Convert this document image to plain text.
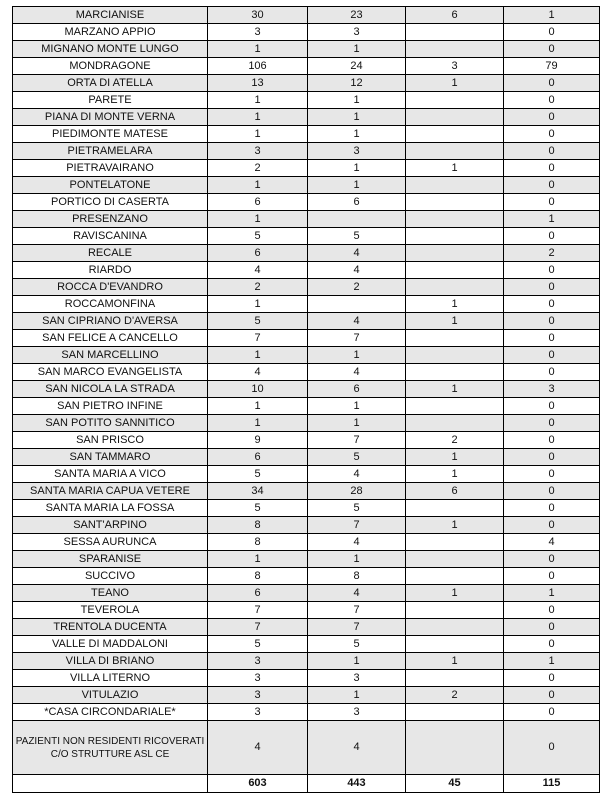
MARCIANISE	30	23	6	1
MARZANO APPIO	3	3		0
MIGNANO MONTE LUNGO	1	1		0
MONDRAGONE	106	24	3	79
ORTA DI ATELLA	13	12	1	0
PARETE	1	1		0
PIANA DI MONTE VERNA	1	1		0
PIEDIMONTE MATESE	1	1		0
PIETRAMELARA	3	3		0
PIETRAVAIRANO	2	1	1	0
PONTELATONE	1	1		0
PORTICO DI CASERTA	6	6		0
PRESENZANO	1			1
RAVISCANINA	5	5		0
RECALE	6	4		2
RIARDO	4	4		0
ROCCA D'EVANDRO	2	2		0
ROCCAMONFINA	1		1	0
SAN CIPRIANO D'AVERSA	5	4	1	0
SAN FELICE A CANCELLO	7	7		0
SAN MARCELLINO	1	1		0
SAN MARCO EVANGELISTA	4	4		0
SAN NICOLA LA STRADA	10	6	1	3
SAN PIETRO INFINE	1	1		0
SAN POTITO SANNITICO	1	1		0
SAN PRISCO	9	7	2	0
SAN TAMMARO	6	5	1	0
SANTA MARIA A VICO	5	4	1	0
SANTA MARIA CAPUA VETERE	34	28	6	0
SANTA MARIA LA FOSSA	5	5		0
SANT'ARPINO	8	7	1	0
SESSA AURUNCA	8	4		4
SPARANISE	1	1		0
SUCCIVO	8	8		0
TEANO	6	4	1	1
TEVEROLA	7	7		0
TRENTOLA DUCENTA	7	7		0
VALLE DI MADDALONI	5	5		0
VILLA DI BRIANO	3	1	1	1
VILLA LITERNO	3	3		0
VITULAZIO	3	1	2	0
*CASA CIRCONDARIALE*	3	3		0
PAZIENTI NON RESIDENTI RICOVERATI C/O STRUTTURE ASL CE	4	4		0
	603	443	45	115
